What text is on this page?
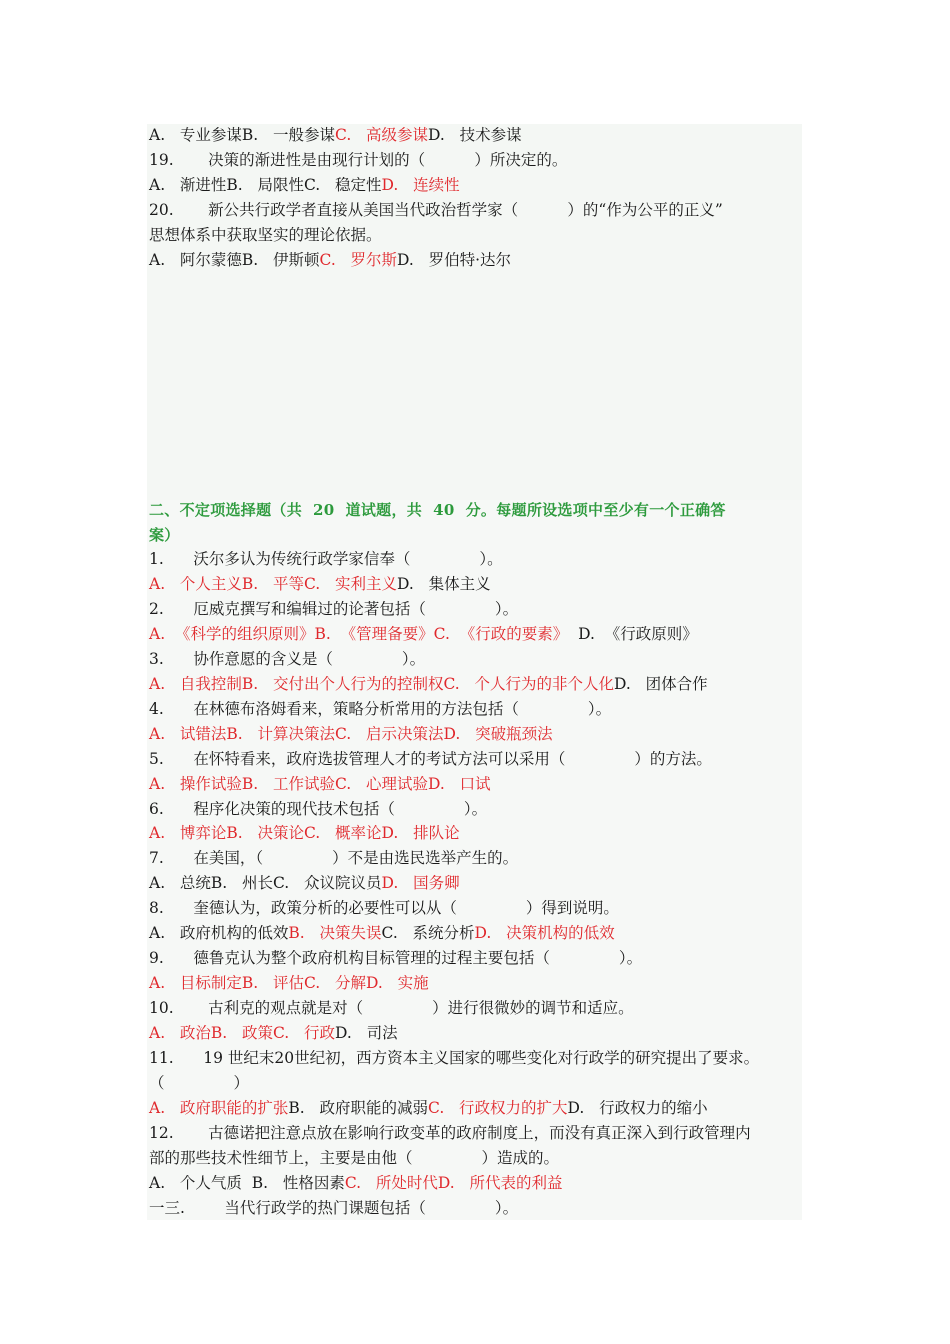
A.   专业参谋B.   一般参谋C.   高级参谋D.   技术参谋
19.       决策的渐进性是由现行计划的（          ）所决定的。
A.   渐进性B.   局限性C.   稳定性D.   连续性
20.       新公共行政学者直接从美国当代政治哲学家（          ）的“作为公平的正义”
思想体系中获取坚实的理论依据。
A.   阿尔蒙德B.   伊斯顿C.   罗尔斯D.   罗伯特·达尔
二、不定项选择题（共  20  道试题，共  40  分。每题所设选项中至少有一个正确答
案）
1.      沃尔多认为传统行政学家信奉（              ）。
A.   个人主义B.   平等C.   实利主义D.   集体主义
2.      厄威克撰写和编辑过的论著包括（              ）。
A.  《科学的组织原则》B.  《管理备要》C.  《行政的要素》  D.  《行政原则》
3.      协作意愿的含义是（              ）。
A.   自我控制B.   交付出个人行为的控制权C.   个人行为的非个人化D.   团体合作
4.      在林德布洛姆看来，策略分析常用的方法包括（              ）。
A.   试错法B.   计算决策法C.   启示决策法D.   突破瓶颈法
5.      在怀特看来，政府选拔管理人才的考试方法可以采用（              ）的方法。
A.   操作试验B.   工作试验C.   心理试验D.   口试
6.      程序化决策的现代技术包括（              ）。
A.   博弈论B.   决策论C.   概率论D.   排队论
7.      在美国，（              ）不是由选民选举产生的。
A.   总统B.   州长C.   众议院议员D.   国务卿
8.      奎德认为，政策分析的必要性可以从（              ）得到说明。
A.   政府机构的低效B.   决策失误C.   系统分析D.   决策机构的低效
9.      德鲁克认为整个政府机构目标管理的过程主要包括（              ）。
A.   目标制定B.   评估C.   分解D.   实施
10.       古利克的观点就是对（              ）进行很微妙的调节和适应。
A.   政治B.   政策C.   行政D.   司法
11.      19 世纪末20世纪初，西方资本主义国家的哪些变化对行政学的研究提出了要求。
（              ）
A.   政府职能的扩张B.   政府职能的减弱C.   行政权力的扩大D.   行政权力的缩小
12.       古德诺把注意点放在影响行政变革的政府制度上，而没有真正深入到行政管理内
部的那些技术性细节上，主要是由他（              ）造成的。
A.   个人气质  B.   性格因素C.   所处时代D.   所代表的利益
一三.        当代行政学的热门课题包括（              ）。
